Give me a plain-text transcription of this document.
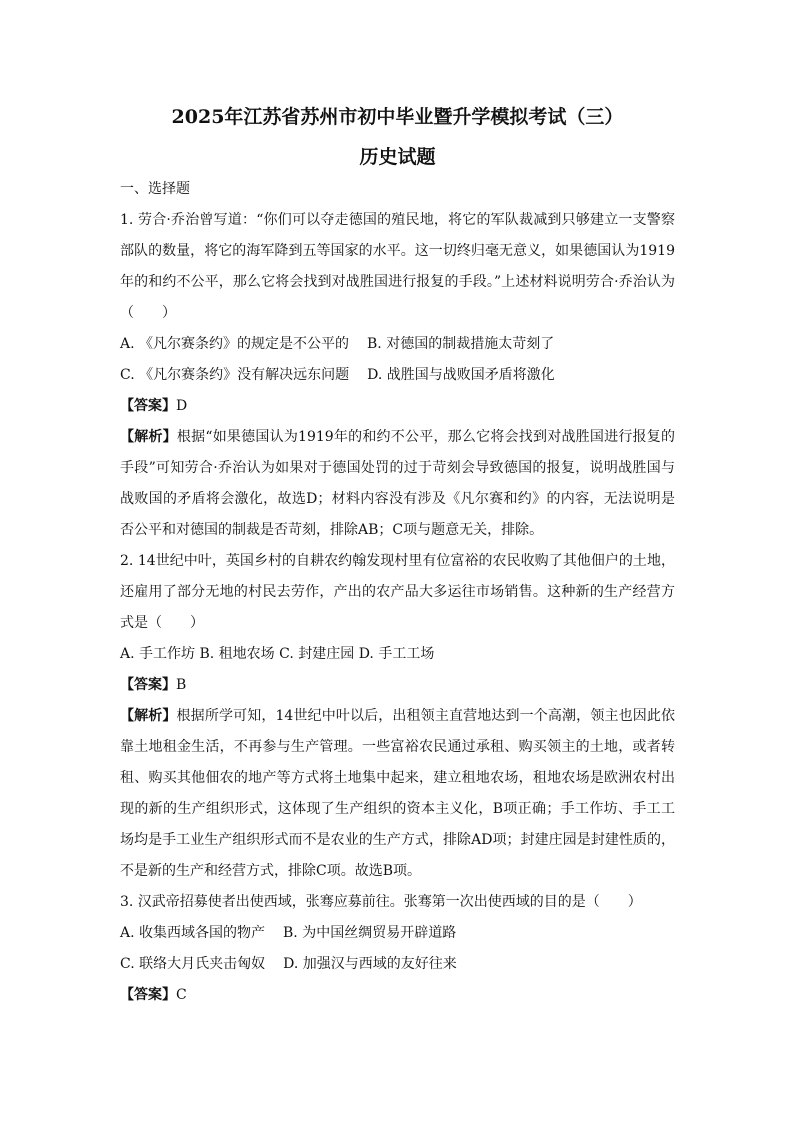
2025年江苏省苏州市初中毕业暨升学模拟考试（三）
历史试题
一、选择题
1. 劳合·乔治曾写道：“你们可以夺走德国的殖民地，将它的军队裁减到只够建立一支警察部队的数量，将它的海军降到五等国家的水平。这一切终归毫无意义，如果德国认为1919年的和约不公平，那么它将会找到对战胜国进行报复的手段。”上述材料说明劳合·乔治认为（　　）
A. 《凡尔赛条约》的规定是不公平的 B. 对德国的制裁措施太苛刻了
C. 《凡尔赛条约》没有解决远东问题 D. 战胜国与战败国矛盾将激化
【答案】D
【解析】根据“如果德国认为1919年的和约不公平，那么它将会找到对战胜国进行报复的手段”可知劳合·乔治认为如果对于德国处罚的过于苛刻会导致德国的报复，说明战胜国与战败国的矛盾将会激化，故选D；材料内容没有涉及《凡尔赛和约》的内容，无法说明是否公平和对德国的制裁是否苛刻，排除AB；C项与题意无关，排除。
2. 14世纪中叶，英国乡村的自耕农约翰发现村里有位富裕的农民收购了其他佃户的土地，还雇用了部分无地的村民去劳作，产出的农产品大多运往市场销售。这种新的生产经营方式是（　　）
A. 手工作坊 B. 租地农场 C. 封建庄园 D. 手工工场
【答案】B
【解析】根据所学可知，14世纪中叶以后，出租领主直营地达到一个高潮，领主也因此依靠土地租金生活，不再参与生产管理。一些富裕农民通过承租、购买领主的土地，或者转租、购买其他佃农的地产等方式将土地集中起来，建立租地农场，租地农场是欧洲农村出现的新的生产组织形式，这体现了生产组织的资本主义化，B项正确；手工作坊、手工工场均是手工业生产组织形式而不是农业的生产方式，排除AD项；封建庄园是封建性质的，不是新的生产和经营方式，排除C项。故选B项。
3. 汉武帝招募使者出使西域，张骞应募前往。张骞第一次出使西域的目的是（　　）
A. 收集西域各国的物产 B. 为中国丝绸贸易开辟道路
C. 联络大月氏夹击匈奴 D. 加强汉与西域的友好往来
【答案】C
